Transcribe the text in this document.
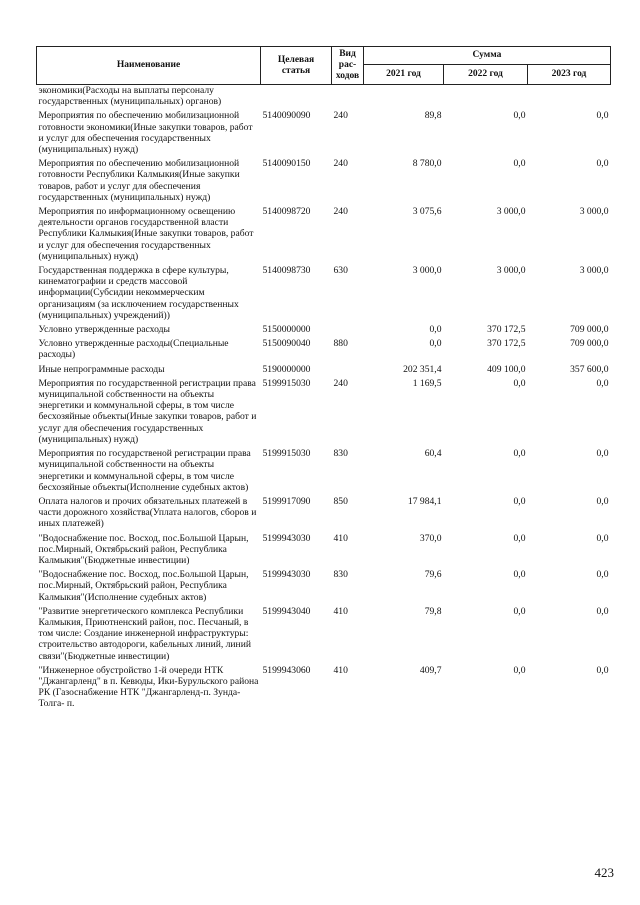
Наименование	Целевая статья	Вид рас-ходов	Сумма		
			2021 год	2022 год	2023 год
экономики(Расходы на выплаты персоналу государственных (муниципальных) органов)					
Мероприятия по обеспечению мобилизационной готовности экономики(Иные закупки товаров, работ и услуг для обеспечения государственных (муниципальных) нужд)	5140090090	240	89,8	0,0	0,0
Мероприятия по обеспечению мобилизационной готовности Республики Калмыкия(Иные закупки товаров, работ и услуг для обеспечения государственных (муниципальных) нужд)	5140090150	240	8 780,0	0,0	0,0
Мероприятия по информационному освещению деятельности органов государственной власти Республики Калмыкия(Иные закупки товаров, работ и услуг для обеспечения государственных (муниципальных) нужд)	5140098720	240	3 075,6	3 000,0	3 000,0
Государственная поддержка в сфере культуры, кинематографии и средств массовой информации(Субсидии некоммерческим организациям (за исключением государственных (муниципальных) учреждений))	5140098730	630	3 000,0	3 000,0	3 000,0
Условно утвержденные расходы	5150000000		0,0	370 172,5	709 000,0
Условно утвержденные расходы(Специальные расходы)	5150090040	880	0,0	370 172,5	709 000,0
Иные непрограммные расходы	5190000000		202 351,4	409 100,0	357 600,0
Мероприятия по государственной регистрации права муниципальной собственности на объекты энергетики и коммунальной сферы, в том числе бесхозяйные объекты(Иные закупки товаров, работ и услуг для обеспечения государственных (муниципальных) нужд)	5199915030	240	1 169,5	0,0	0,0
Мероприятия по государственой регистрации права муниципальной собственности на объекты энергетики и коммунальной сферы, в том числе бесхозяйные объекты(Исполнение судебных актов)	5199915030	830	60,4	0,0	0,0
Оплата налогов и прочих обязательных платежей в части дорожного хозяйства(Уплата налогов, сборов и иных платежей)	5199917090	850	17 984,1	0,0	0,0
"Водоснабжение пос. Восход, пос.Большой Царын, пос.Мирный, Октябрьский район, Республика Калмыкия"(Бюджетные инвестиции)	5199943030	410	370,0	0,0	0,0
"Водоснабжение пос. Восход, пос.Большой Царын, пос.Мирный, Октябрьский район, Республика Калмыкия"(Исполнение судебных актов)	5199943030	830	79,6	0,0	0,0
"Развитие энергетического комплекса Республики Калмыкия, Приютненский район, пос. Песчаный, в том числе: Создание инженерной инфраструктуры: строительство автодороги, кабельных линий, линий связи"(Бюджетные инвестиции)	5199943040	410	79,8	0,0	0,0
"Инженерное обустройство 1-й очереди НТК "Джангарленд" в п. Кевюды, Ики-Бурульского района РК (Газоснабжение НТК "Джангарленд-п. Зунда-Толга- п.	5199943060	410	409,7	0,0	0,0
423
